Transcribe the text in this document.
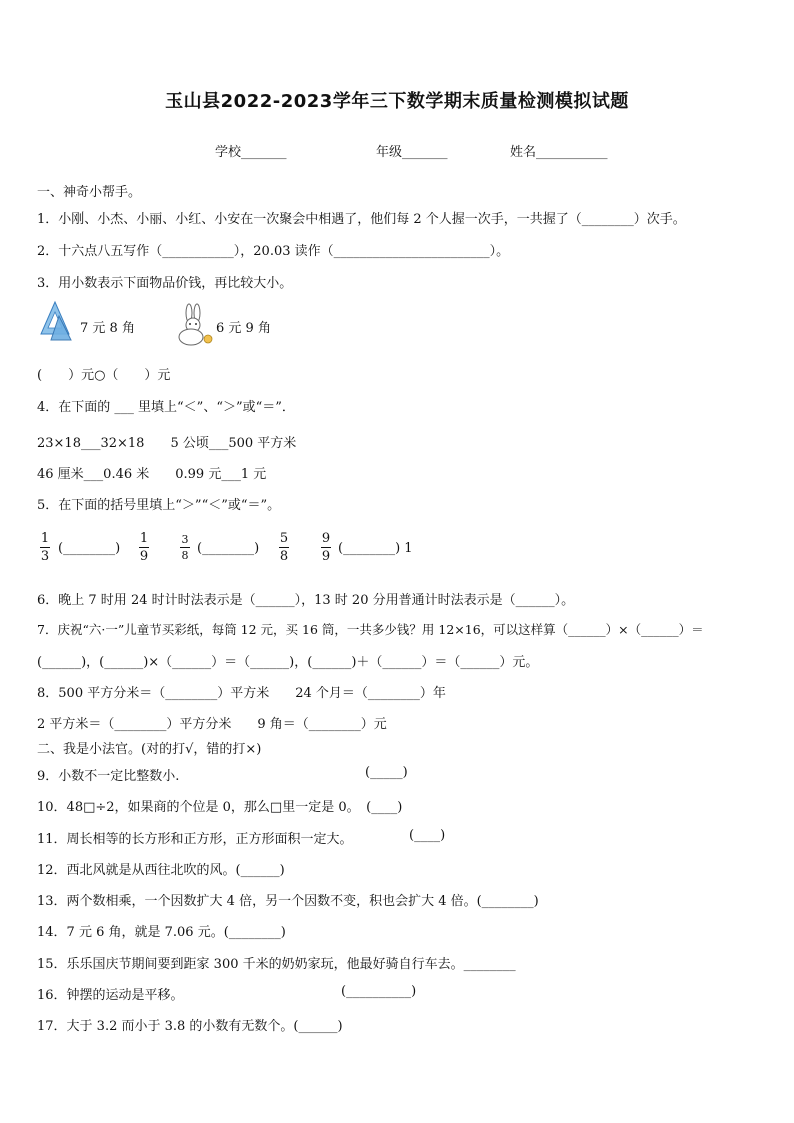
玉山县2022-2023学年三下数学期末质量检测模拟试题
学校_______	年级_______	姓名___________
一、神奇小帮手。
1．小刚、小杰、小丽、小红、小安在一次聚会中相遇了，他们每 2 个人握一次手，一共握了（________）次手。
2．十六点八五写作（___________），20.03 读作（________________________）。
3．用小数表示下面物品价钱，再比较大小。
7 元 8 角	6 元 9 角
(　　）元○（　　）元
4．在下面的 ___ 里填上“＜”、“＞”或“＝”．
23×18___32×18　　5 公顷___500 平方米
46 厘米___0.46 米　　0.99 元___1 元
5．在下面的括号里填上“＞”“＜”或“＝”。
1
3
(________)
1
9
3
8 (________)
5
8
9
9
(________) 1
6．晚上 7 时用 24 时计时法表示是（______），13 时 20 分用普通计时法表示是（______）。
7．庆祝“六·一”儿童节买彩纸，每筒 12 元，买 16 筒，一共多少钱？用 12×16，可以这样算（______）×（______）＝
(______)，(______)×（______）＝（______)，(______)＋（______）＝（______）元。
8．500 平方分米＝（________）平方米　　24 个月＝（________）年
2 平方米＝（________）平方分米　　9 角＝（________）元
二、我是小法官。(对的打√，错的打×)
9．小数不一定比整数小.	(_____)
10．48□÷2，如果商的个位是 0，那么□里一定是 0。　(____)
11．周长相等的长方形和正方形，正方形面积一定大。	(____)
12．西北风就是从西往北吹的风。(______)
13．两个数相乘，一个因数扩大 4 倍，另一个因数不变，积也会扩大 4 倍。(________)
14．7 元 6 角，就是 7.06 元。(________)
15．乐乐国庆节期间要到距家 300 千米的奶奶家玩，他最好骑自行车去。________
16．钟摆的运动是平移。	(__________)
17．大于 3.2 而小于 3.8 的小数有无数个。(______)
